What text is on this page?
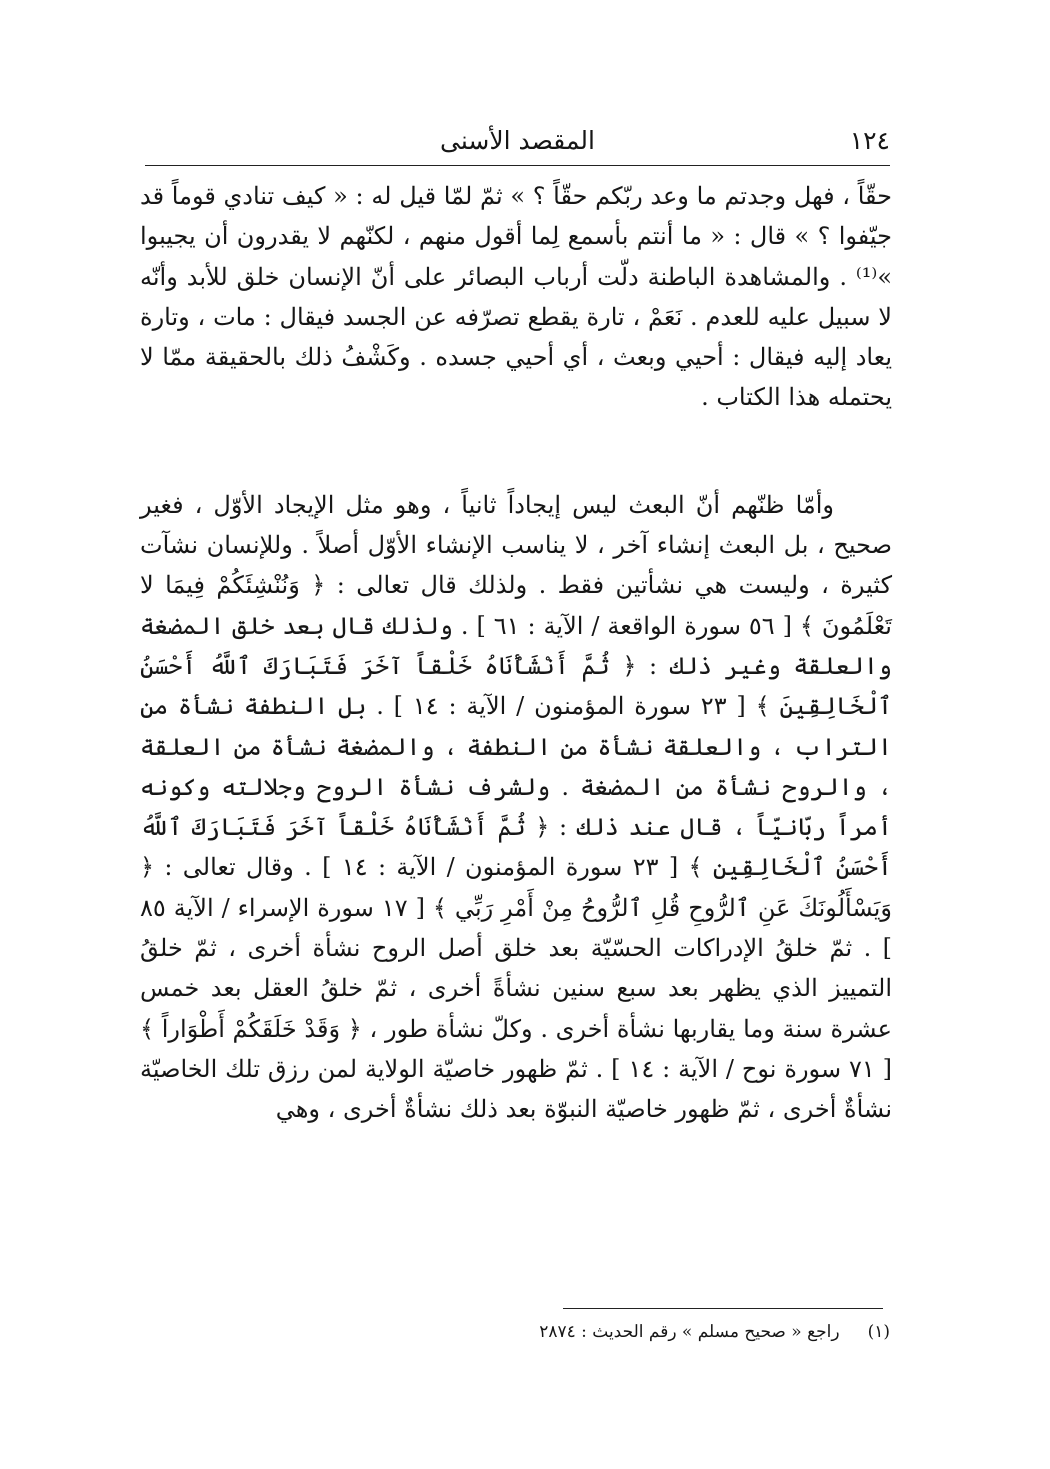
١٢٤
المقصد الأسنى

حقّاً ، فهل وجدتم ما وعد ربّكم حقّاً ؟ » ثمّ لمّا قيل له : « كيف تنادي قوماً قد جيّفوا ؟ » قال : « ما أنتم بأسمع لِما أقول منهم ، لكنّهم لا يقدرون أن يجيبوا »⁽¹⁾ . والمشاهدة الباطنة دلّت أرباب البصائر على أنّ الإنسان خلق للأبد وأنّه لا سبيل عليه للعدم . نَعَمْ ، تارة يقطع تصرّفه عن الجسد فيقال : مات ، وتارة يعاد إليه فيقال : أحيي وبعث ، أي أحيي جسده . وكَشْفُ ذلك بالحقيقة ممّا لا يحتمله هذا الكتاب .

وأمّا ظنّهم أنّ البعث ليس إيجاداً ثانياً ، وهو مثل الإيجاد الأوّل ، فغير صحيح ، بل البعث إنشاء آخر ، لا يناسب الإنشاء الأوّل أصلاً . وللإنسان نشآت كثيرة ، وليست هي نشأتين فقط . ولذلك قال تعالى : ﴿ وَنُنْشِئَكُمْ فِيمَا لا تَعْلَمُونَ ﴾ [ ٥٦ سورة الواقعة / الآية : ٦١ ] . ولذلك قال بعد خلق المضغة والعلقة وغير ذلك : ﴿ ثُمَّ أَنْشَأْنَاهُ خَلْقاً آخَرَ فَتَبَارَكَ ٱللَّهُ أَحْسَنُ ٱلْخَالِقِينَ ﴾ [ ٢٣ سورة المؤمنون / الآية : ١٤ ] . بل النطفة نشأة من التراب ، والعلقة نشأة من النطفة ، والمضغة نشأة من العلقة ، والروح نشأة من المضغة . ولشرف نشأة الروح وجلالته وكونه أمراً ربّانيّاً ، قال عند ذلك : ﴿ ثُمَّ أَنْشَأْنَاهُ خَلْقاً آخَرَ فَتَبَارَكَ ٱللَّهُ أَحْسَنُ ٱلْخَالِقِين ﴾ [ ٢٣ سورة المؤمنون / الآية : ١٤ ] . وقال تعالى : ﴿ وَيَسْأَلُونَكَ عَنِ ٱلرُّوحِ قُلِ ٱلرُّوحُ مِنْ أَمْرِ رَبِّي ﴾ [ ١٧ سورة الإسراء / الآية ٨٥ ] . ثمّ خلقُ الإدراكات الحسّيّة بعد خلق أصل الروح نشأة أخرى ، ثمّ خلقُ التمييز الذي يظهر بعد سبع سنين نشأةً أخرى ، ثمّ خلقُ العقل بعد خمس عشرة سنة وما يقاربها نشأة أخرى . وكلّ نشأة طور ، ﴿ وَقَدْ خَلَقَكُمْ أَطْوَاراً ﴾ [ ٧١ سورة نوح / الآية : ١٤ ] . ثمّ ظهور خاصيّة الولاية لمن رزق تلك الخاصيّة نشأةٌ أخرى ، ثمّ ظهور خاصيّة النبوّة بعد ذلك نشأةٌ أخرى ، وهي

(١)راجع « صحيح مسلم » رقم الحديث : ٢٨٧٤
